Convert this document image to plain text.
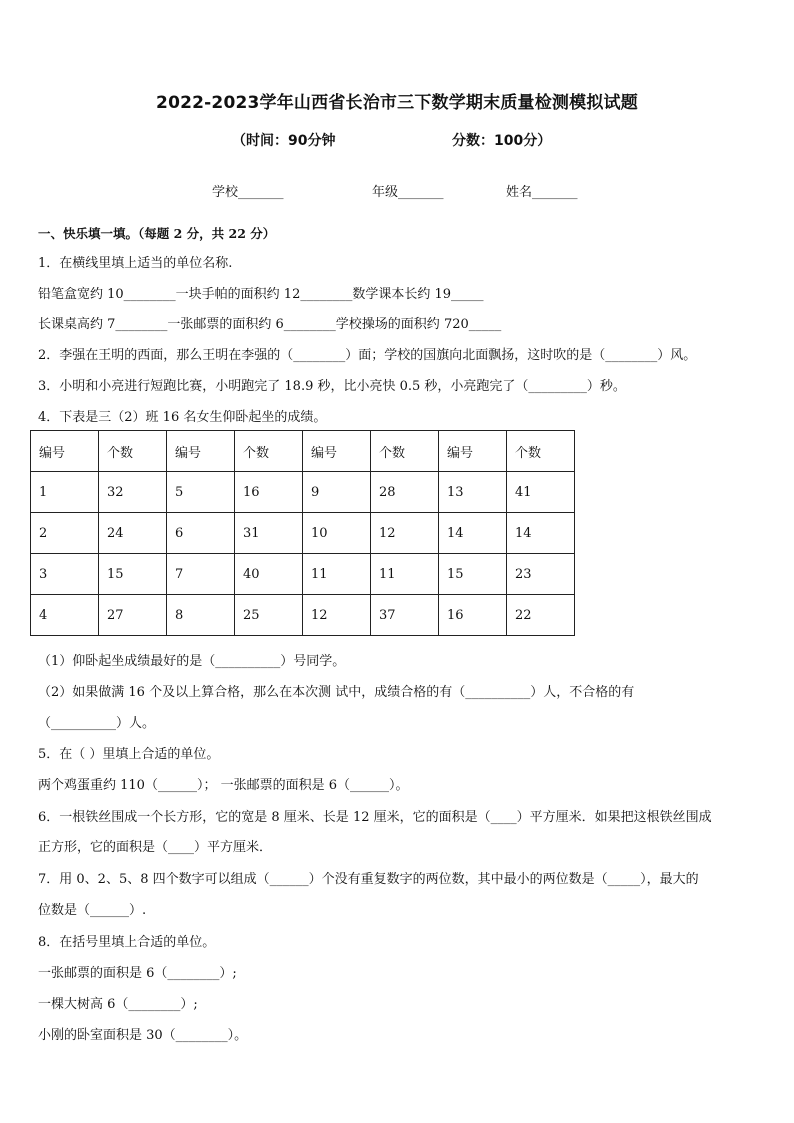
2022-2023学年山西省长治市三下数学期末质量检测模拟试题
（时间：90分钟	分数：100分）
学校_______	年级_______	姓名_______
一、快乐填一填。（每题 2 分，共 22 分）
1．在横线里填上适当的单位名称.
铅笔盒宽约 10________一块手帕的面积约 12________数学课本长约 19_____
长课桌高约 7________一张邮票的面积约 6________学校操场的面积约 720_____
2．李强在王明的西面，那么王明在李强的（________）面；学校的国旗向北面飘扬，这时吹的是（________）风。
3．小明和小亮进行短跑比赛，小明跑完了 18.9 秒，比小亮快 0.5 秒，小亮跑完了（_________）秒。
4．下表是三（2）班 16 名女生仰卧起坐的成绩。
编号	个数	编号	个数	编号	个数	编号	个数
1	32	5	16	9	28	13	41
2	24	6	31	10	12	14	14
3	15	7	40	11	11	15	23
4	27	8	25	12	37	16	22
（1）仰卧起坐成绩最好的是（__________）号同学。
（2）如果做满 16 个及以上算合格，那么在本次测 试中，成绩合格的有（__________）人，不合格的有
（__________）人。
5．在（ ）里填上合适的单位。
两个鸡蛋重约 110（______）； 一张邮票的面积是 6（______）。
6．一根铁丝围成一个长方形，它的宽是 8 厘米、长是 12 厘米，它的面积是（____）平方厘米．如果把这根铁丝围成
正方形，它的面积是（____）平方厘米．
7．用 0、2、5、8 四个数字可以组成（______）个没有重复数字的两位数，其中最小的两位数是（_____），最大的
位数是（______）.
8．在括号里填上合适的单位。
一张邮票的面积是 6（________）;
一棵大树高 6（________）;
小刚的卧室面积是 30（________）。
